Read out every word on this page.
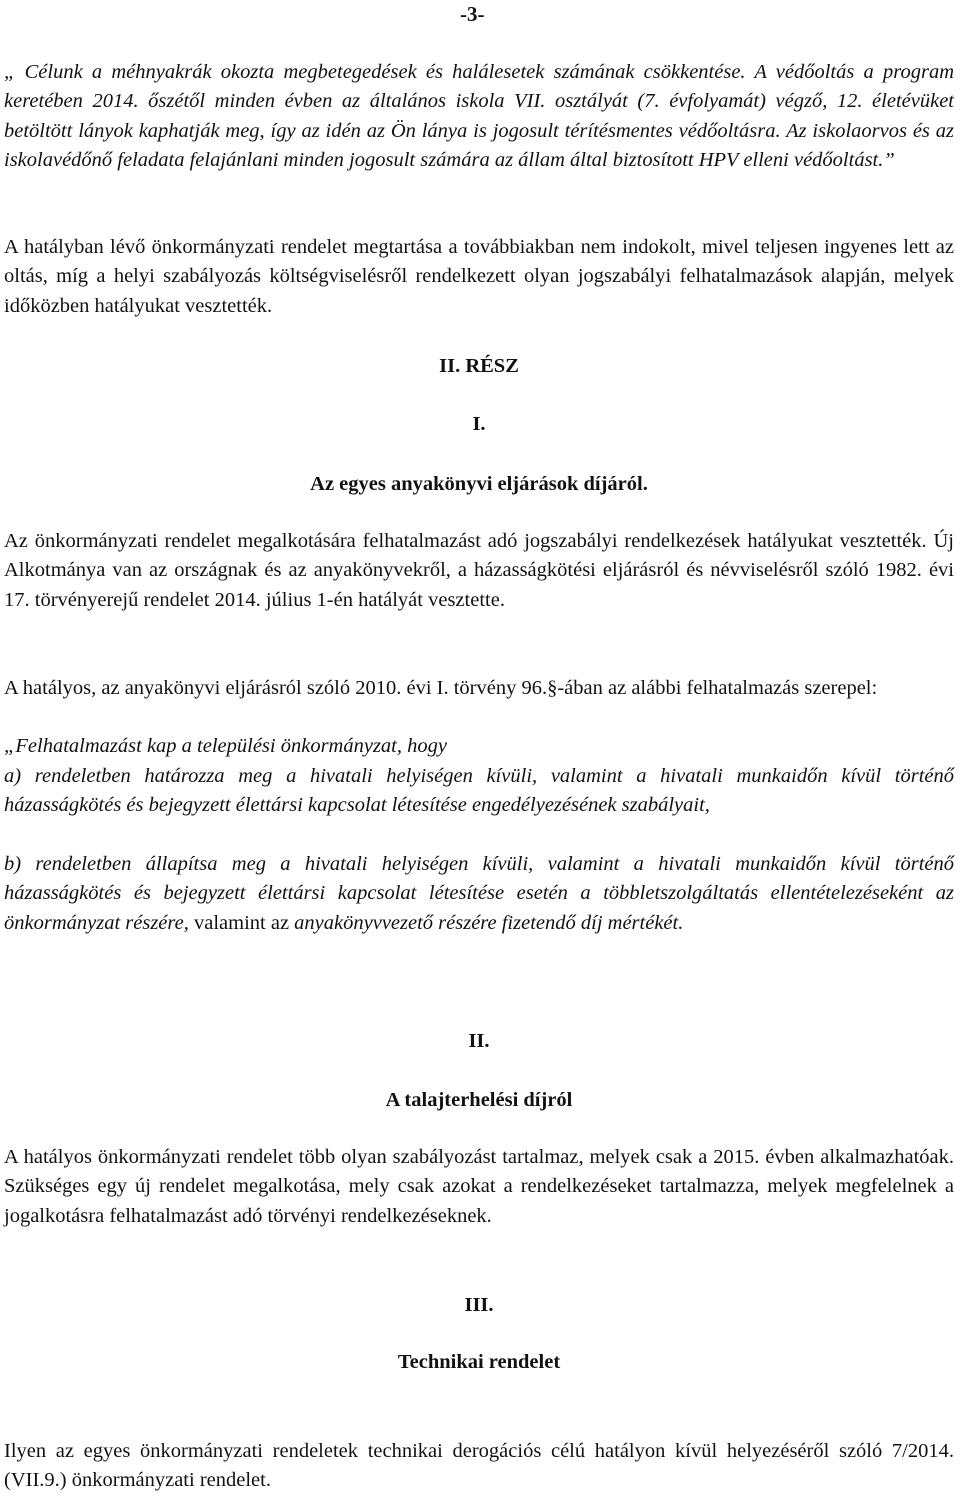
-3-

„ Célunk a méhnyakrák okozta megbetegedések és halálesetek számának csökkentése. A védőoltás a program keretében 2014. őszétől minden évben az általános iskola VII. osztályát (7. évfolyamát) végző, 12. életévüket betöltött lányok kaphatják meg, így az idén az Ön lánya is jogosult térítésmentes védőoltásra. Az iskolaorvos és az iskolavédőnő feladata felajánlani minden jogosult számára az állam által biztosított HPV elleni védőoltást.”

A hatályban lévő önkormányzati rendelet megtartása a továbbiakban nem indokolt, mivel teljesen ingyenes lett az oltás, míg a helyi szabályozás költségviselésről rendelkezett olyan jogszabályi felhatalmazások alapján, melyek időközben hatályukat vesztették.

II. RÉSZ
I.
Az egyes anyakönyvi eljárások díjáról.

Az önkormányzati rendelet megalkotására felhatalmazást adó jogszabályi rendelkezések hatályukat vesztették. Új Alkotmánya van az országnak és az anyakönyvekről, a házasságkötési eljárásról és névviselésről szóló 1982. évi 17. törvényerejű rendelet 2014. július 1-én hatályát vesztette.

A hatályos, az anyakönyvi eljárásról szóló 2010. évi I. törvény 96.§-ában az alábbi felhatalmazás szerepel:

„Felhatalmazást kap a települési önkormányzat, hogy

a) rendeletben határozza meg a hivatali helyiségen kívüli, valamint a hivatali munkaidőn kívül történő házasságkötés és bejegyzett élettársi kapcsolat létesítése engedélyezésének szabályait,

b) rendeletben állapítsa meg a hivatali helyiségen kívüli, valamint a hivatali munkaidőn kívül történő házasságkötés és bejegyzett élettársi kapcsolat létesítése esetén a többletszolgáltatás ellentételezéseként az önkormányzat részére, valamint az anyakönyvvezető részére fizetendő díj mértékét.

II.
A talajterhelési díjról

A hatályos önkormányzati rendelet több olyan szabályozást tartalmaz, melyek csak a 2015. évben alkalmazhatóak. Szükséges egy új rendelet megalkotása, mely csak azokat a rendelkezéseket tartalmazza, melyek megfelelnek a jogalkotásra felhatalmazást adó törvényi rendelkezéseknek.

III.
Technikai rendelet

Ilyen az egyes önkormányzati rendeletek technikai derogációs célú hatályon kívül helyezéséről szóló 7/2014.(VII.9.) önkormányzati rendelet.
